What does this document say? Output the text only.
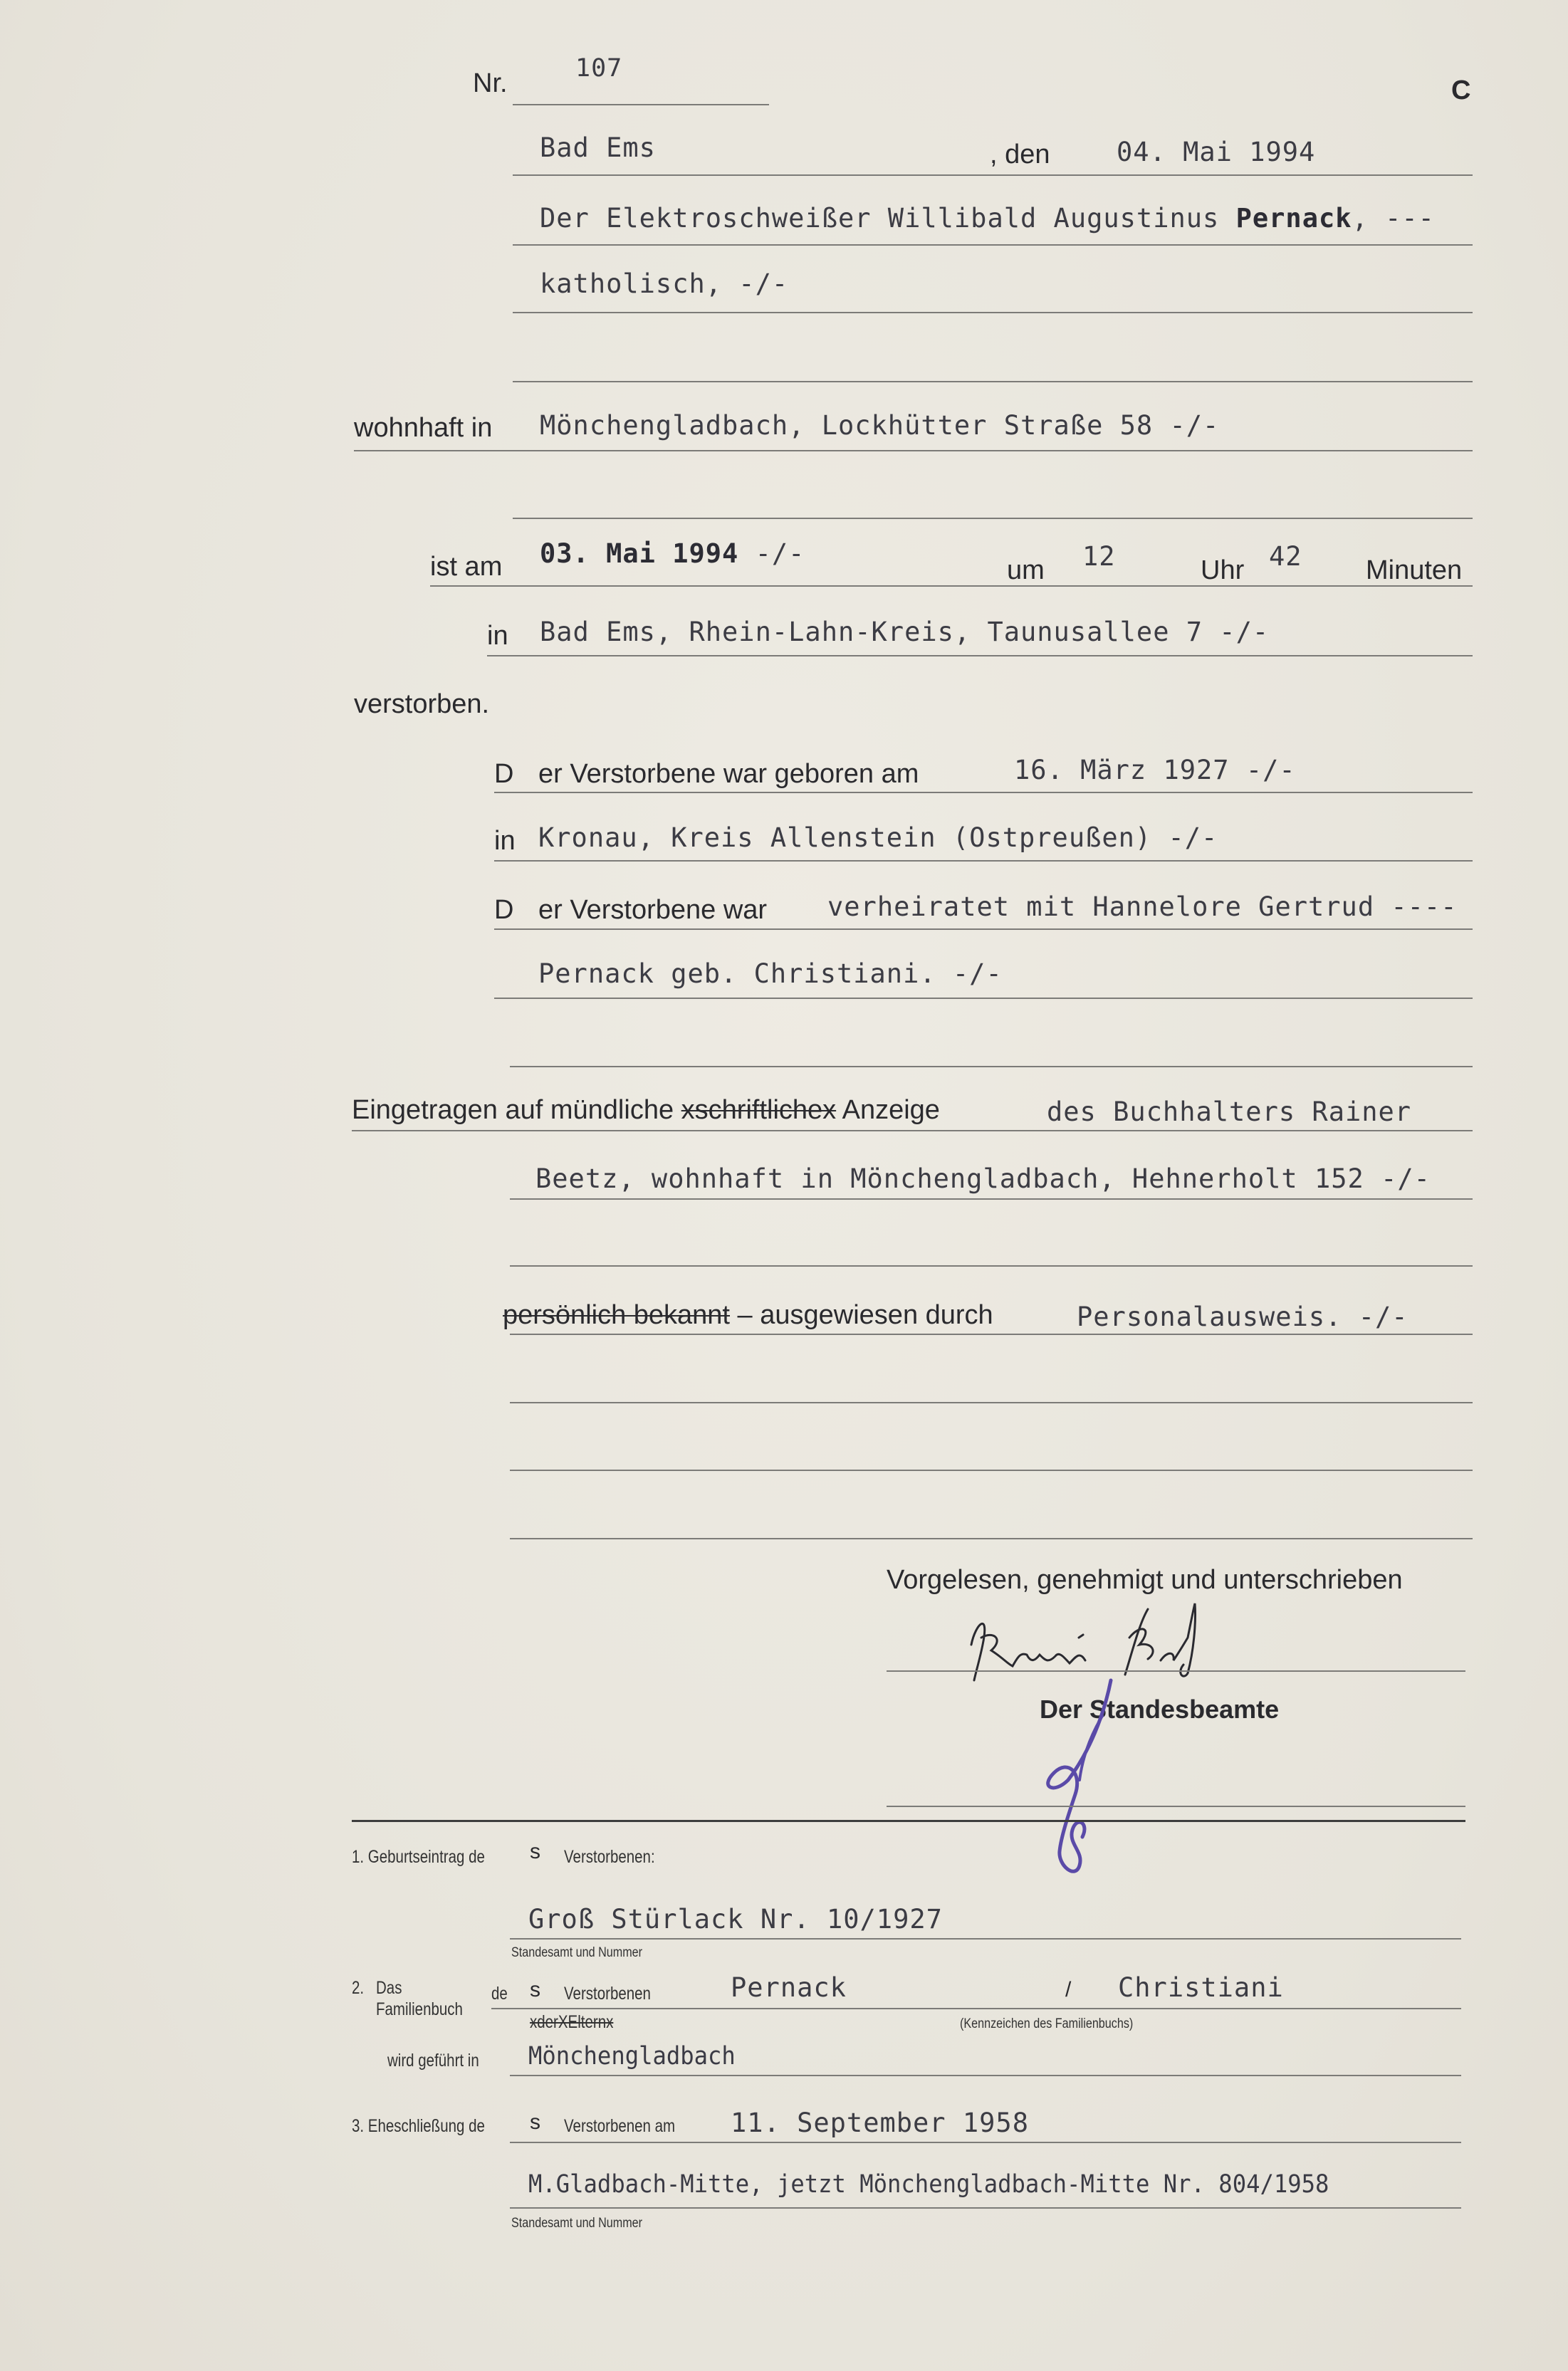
Nr.	107
C
Bad Ems	, den	04. Mai 1994
Der Elektroschweißer Willibald Augustinus Pernack, ---
katholisch, -/-
wohnhaft in Mönchengladbach, Lockhütter Straße 58 -/-
ist am 03. Mai 1994 -/-
um 12	Uhr 42 Minuten
in Bad Ems, Rhein-Lahn-Kreis, Taunusallee 7 -/-
verstorben.
D er Verstorbene war geboren am	16. März 1927 -/-
in Kronau, Kreis Allenstein (Ostpreußen) -/-
D er Verstorbene war verheiratet mit Hannelore Gertrud ----
Pernack geb. Christiani. -/-
Eingetragen auf mündliche xschriftlichex Anzeige	des Buchhalters Rainer
Beetz, wohnhaft in Mönchengladbach, Hehnerholt 152 -/-
persönlich bekannt – ausgewiesen durch	Personalausweis. -/-
Vorgelesen, genehmigt und unterschrieben
Der Standesbeamte
1. Geburtseintrag de s Verstorbenen:
Groß Stürlack Nr. 10/1927
Standesamt und Nummer
2. Das
Familienbuch
de s Verstorbenen
xderXElternx
Pernack	/ Christiani
(Kennzeichen des Familienbuchs)
wird geführt in Mönchengladbach
3. Eheschließung de s Verstorbenen am 11. September 1958
M.Gladbach-Mitte, jetzt Mönchengladbach-Mitte Nr. 804/1958
Standesamt und Nummer
